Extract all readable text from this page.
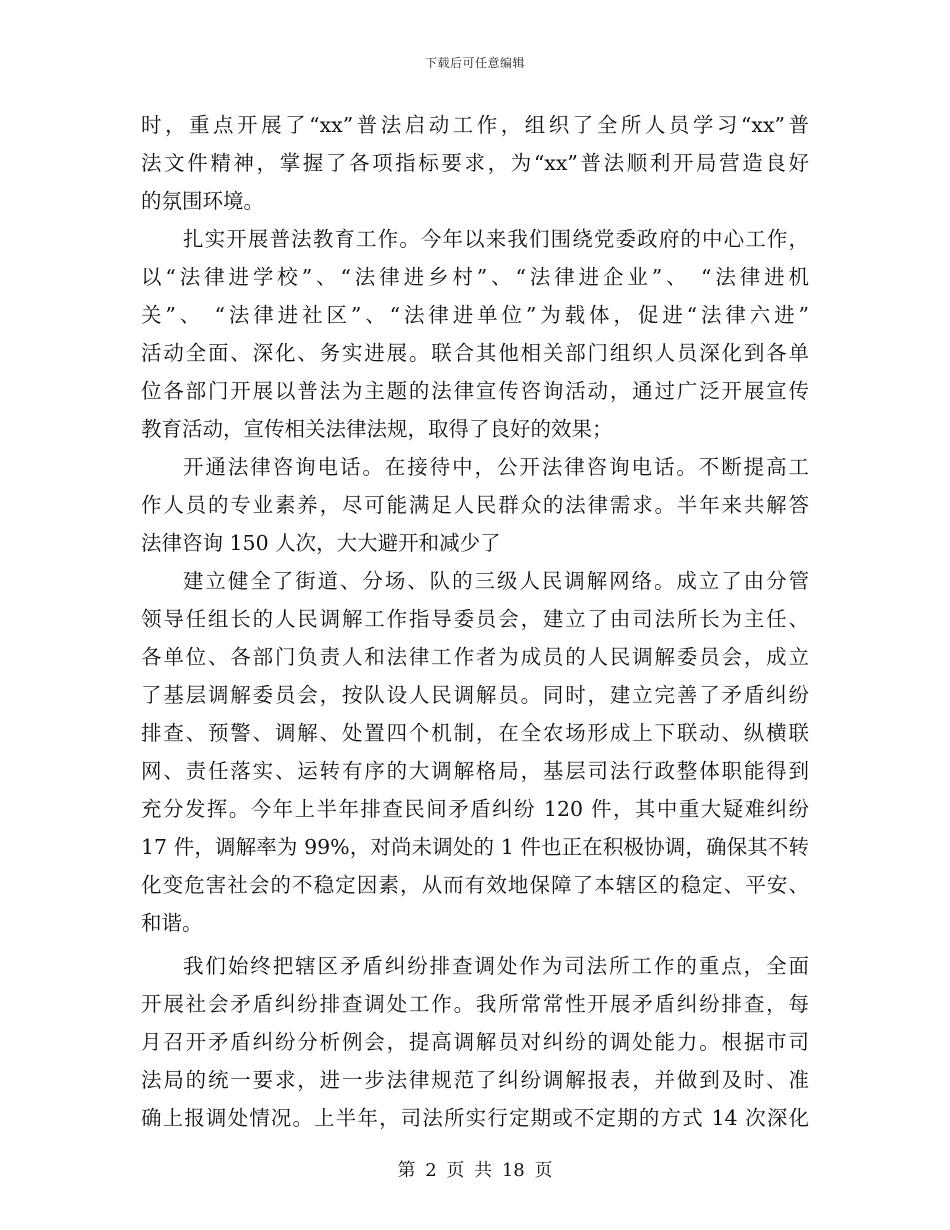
下载后可任意编辑
时，重点开展了“xx”普法启动工作，组织了全所人员学习“xx”普
法文件精神，掌握了各项指标要求，为“xx”普法顺利开局营造良好
的氛围环境。
扎实开展普法教育工作。今年以来我们围绕党委政府的中心工作，
以“法律进学校”、“法律进乡村”、“法律进企业”、 “法律进机
关”、 “法律进社区”、“法律进单位”为载体，促进“法律六进”
活动全面、深化、务实进展。联合其他相关部门组织人员深化到各单
位各部门开展以普法为主题的法律宣传咨询活动，通过广泛开展宣传
教育活动，宣传相关法律法规，取得了良好的效果；
开通法律咨询电话。在接待中，公开法律咨询电话。不断提高工
作人员的专业素养，尽可能满足人民群众的法律需求。半年来共解答
法律咨询 150 人次，大大避开和减少了
建立健全了街道、分场、队的三级人民调解网络。成立了由分管
领导任组长的人民调解工作指导委员会，建立了由司法所长为主任、
各单位、各部门负责人和法律工作者为成员的人民调解委员会，成立
了基层调解委员会，按队设人民调解员。同时，建立完善了矛盾纠纷
排查、预警、调解、处置四个机制，在全农场形成上下联动、纵横联
网、责任落实、运转有序的大调解格局，基层司法行政整体职能得到
充分发挥。今年上半年排查民间矛盾纠纷 120 件，其中重大疑难纠纷
17 件，调解率为 99%，对尚未调处的 1 件也正在积极协调，确保其不转
化变危害社会的不稳定因素，从而有效地保障了本辖区的稳定、平安、
和谐。
我们始终把辖区矛盾纠纷排查调处作为司法所工作的重点，全面
开展社会矛盾纠纷排查调处工作。我所常常性开展矛盾纠纷排查，每
月召开矛盾纠纷分析例会，提高调解员对纠纷的调处能力。根据市司
法局的统一要求，进一步法律规范了纠纷调解报表，并做到及时、准
确上报调处情况。上半年，司法所实行定期或不定期的方式 14 次深化
第 2 页 共 18 页
